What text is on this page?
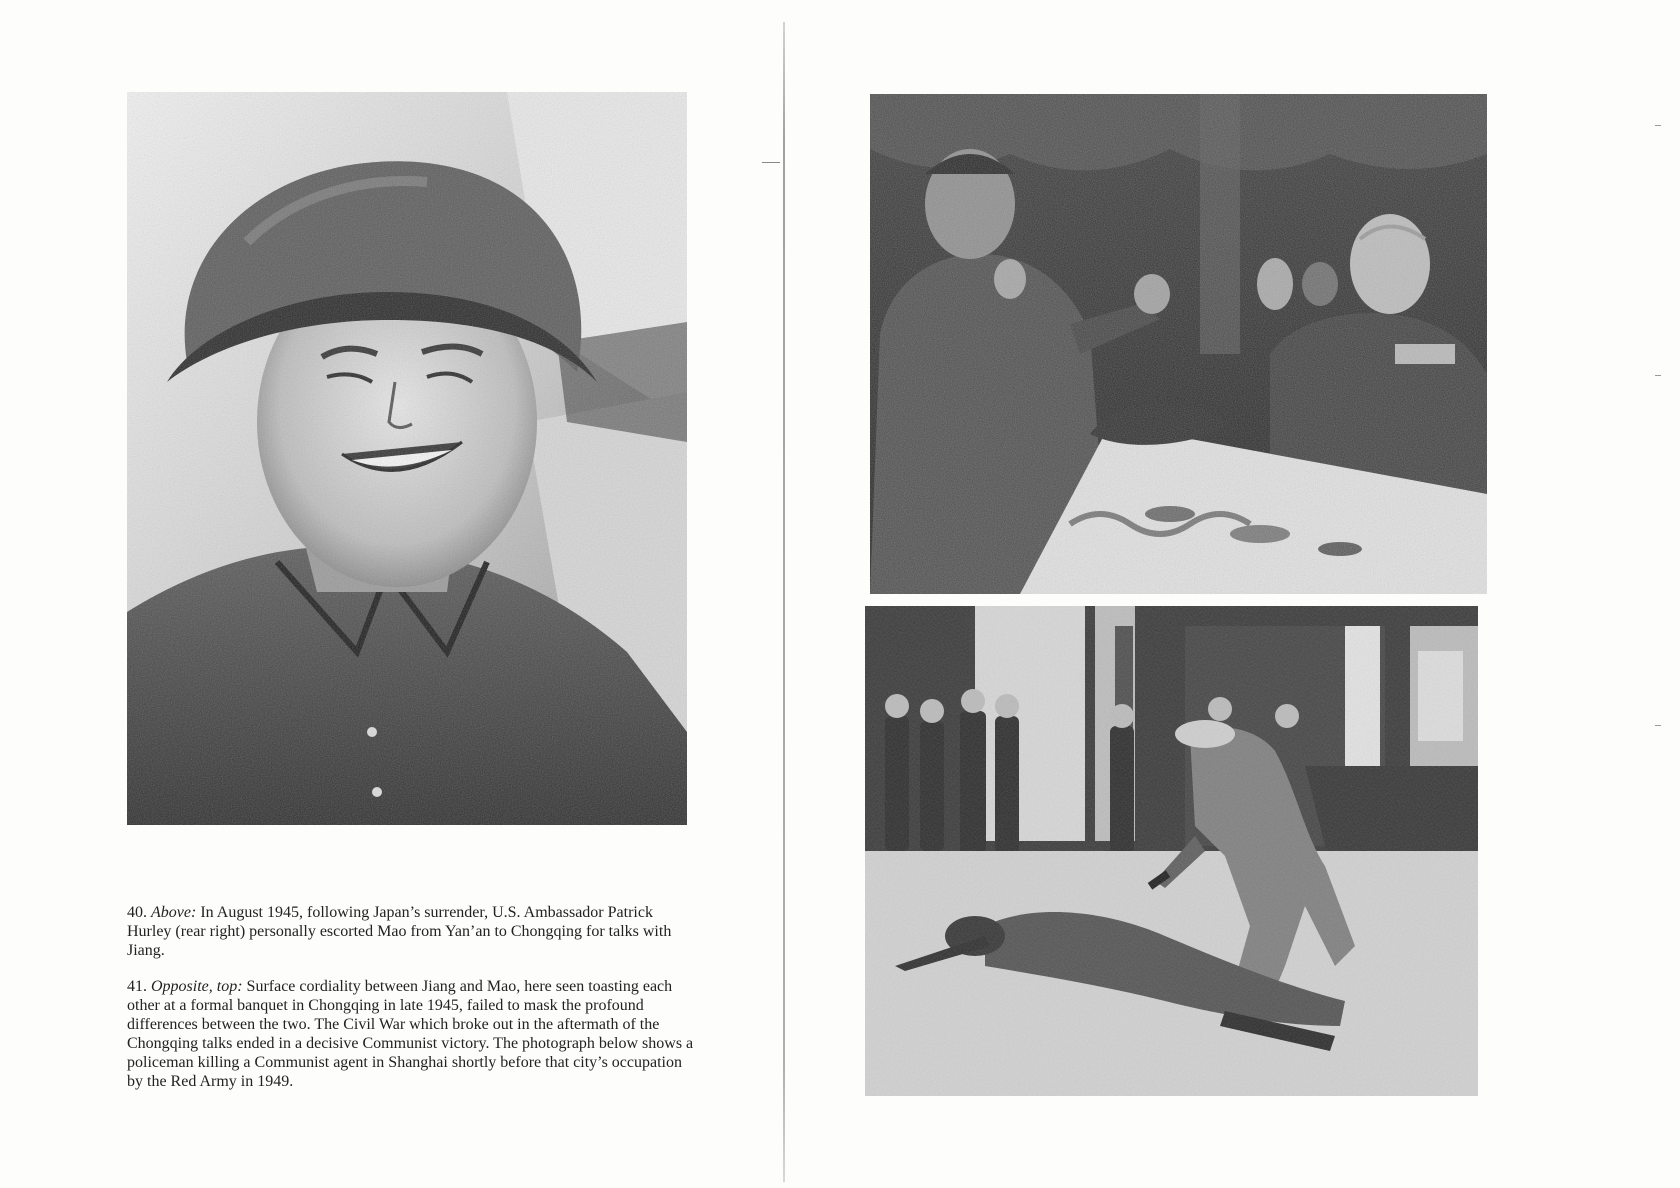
40. Above: In August 1945, following Japan’s surrender, U.S. Ambassador Patrick Hurley (rear right) personally escorted Mao from Yan’an to Chongqing for talks with Jiang.

41. Opposite, top: Surface cordiality between Jiang and Mao, here seen toasting each other at a formal banquet in Chongqing in late 1945, failed to mask the profound differences between the two. The Civil War which broke out in the aftermath of the Chongqing talks ended in a decisive Communist victory. The photograph below shows a policeman killing a Communist agent in Shanghai shortly before that city’s occupation by the Red Army in 1949.
